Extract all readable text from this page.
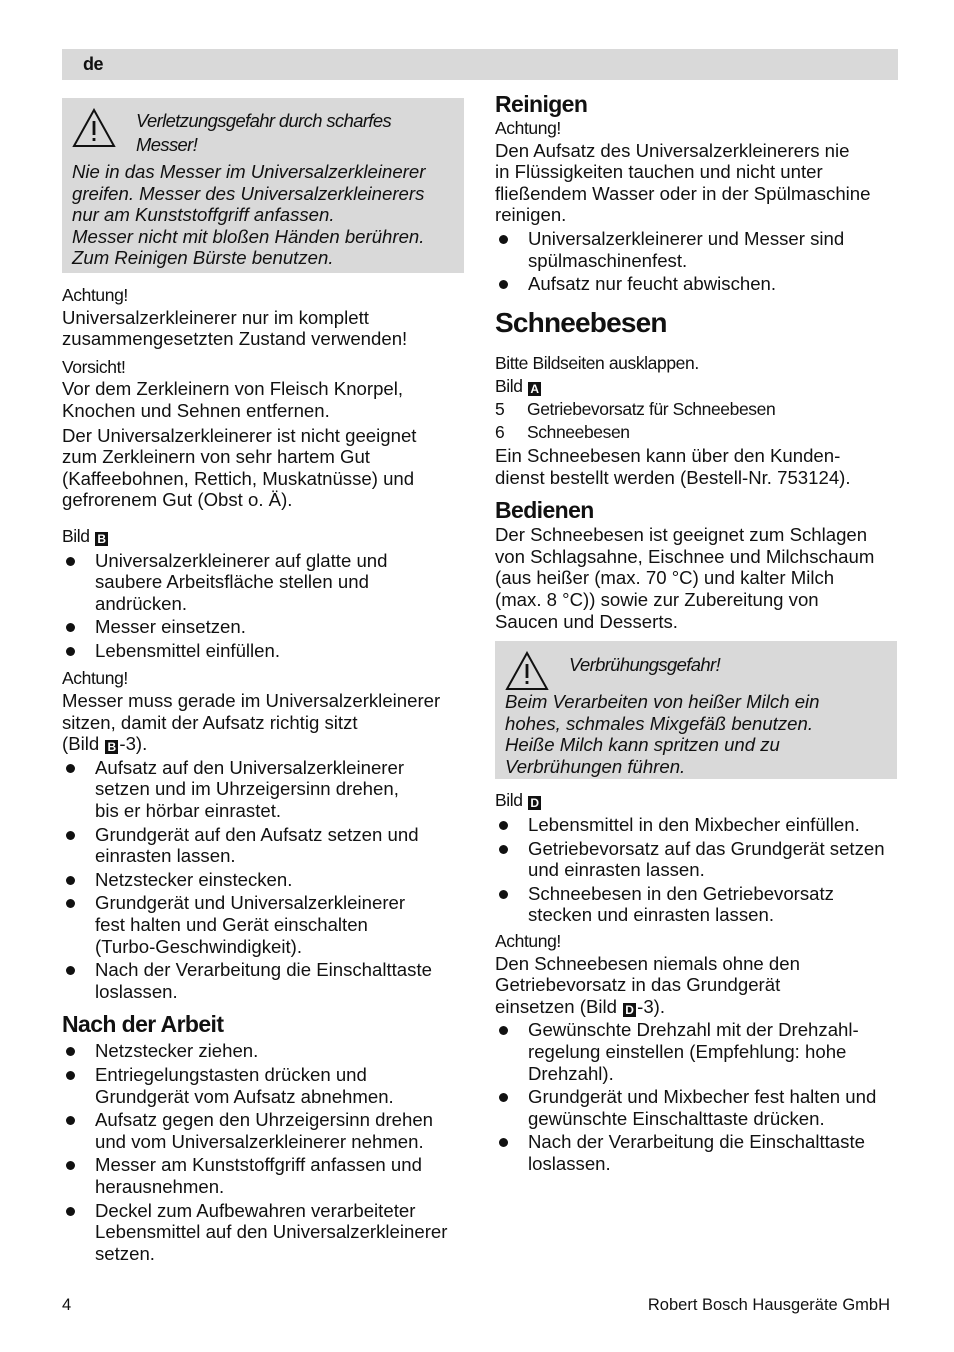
de
Verletzungsgefahr durch scharfes Messer!
Nie in das Messer im Universalzerkleinerer
greifen. Messer des Universalzerkleinerers
nur am Kunststoffgriff anfassen.
Messer nicht mit bloßen Händen berühren.
Zum Reinigen Bürste benutzen.

Achtung!

Universalzerkleinerer nur im komplett

zusammengesetzten Zustand verwenden!

Vorsicht!

Vor dem Zerkleinern von Fleisch Knorpel,

Knochen und Sehnen entfernen.

Der Universalzerkleinerer ist nicht geeignet

zum Zerkleinern von sehr hartem Gut

(Kaffeebohnen, Rettich, Muskatnüsse) und

gefrorenem Gut (Obst o. Ä).

Bild B

Universalzerkleinerer auf glatte und
saubere Arbeitsfläche stellen und
andrücken.
Messer einsetzen.
Lebensmittel einfüllen.

Achtung!

Messer muss gerade im Universalzerkleinerer

sitzen, damit der Aufsatz richtig sitzt

(Bild B -3).

Aufsatz auf den Universalzerkleinerer
setzen und im Uhrzeigersinn drehen,
bis er hörbar einrastet.
Grundgerät auf den Aufsatz setzen und
einrasten lassen.
Netzstecker einstecken.
Grundgerät und Universalzerkleinerer
fest halten und Gerät einschalten
(Turbo-Geschwindigkeit).
Nach der Verarbeitung die Einschalttaste
loslassen.
Nach der Arbeit
Netzstecker ziehen.
Entriegelungstasten drücken und
Grundgerät vom Aufsatz abnehmen.
Aufsatz gegen den Uhrzeigersinn drehen
und vom Universalzerkleinerer nehmen.
Messer am Kunststoffgriff anfassen und
herausnehmen.
Deckel zum Aufbewahren verarbeiteter
Lebensmittel auf den Universalzerkleinerer
setzen.
Reinigen

Achtung!

Den Aufsatz des Universalzerkleinerers nie

in Flüssigkeiten tauchen und nicht unter

fließendem Wasser oder in der Spülmaschine

reinigen.

Universalzerkleinerer und Messer sind
spülmaschinenfest.
Aufsatz nur feucht abwischen.
Schneebesen

Bitte Bildseiten ausklappen.

Bild A

5	Getriebevorsatz für Schneebesen
6	Schneebesen

Ein Schneebesen kann über den Kunden-

dienst bestellt werden (Bestell-Nr. 753124).

Bedienen

Der Schneebesen ist geeignet zum Schlagen

von Schlagsahne, Eischnee und Milchschaum

(aus heißer (max. 70 °C) und kalter Milch

(max. 8 °C)) sowie zur Zubereitung von

Saucen und Desserts.

Verbrühungsgefahr!
Beim Verarbeiten von heißer Milch ein
hohes, schmales Mixgefäß benutzen.
Heiße Milch kann spritzen und zu
Verbrühungen führen.

Bild D

Lebensmittel in den Mixbecher einfüllen.
Getriebevorsatz auf das Grundgerät setzen
und einrasten lassen.
Schneebesen in den Getriebevorsatz
stecken und einrasten lassen.

Achtung!

Den Schneebesen niemals ohne den

Getriebevorsatz in das Grundgerät

einsetzen (Bild D -3).

Gewünschte Drehzahl mit der Drehzahl-
regelung einstellen (Empfehlung: hohe
Drehzahl).
Grundgerät und Mixbecher fest halten und
gewünschte Einschalttaste drücken.
Nach der Verarbeitung die Einschalttaste
loslassen.
4	Robert Bosch Hausgeräte GmbH
